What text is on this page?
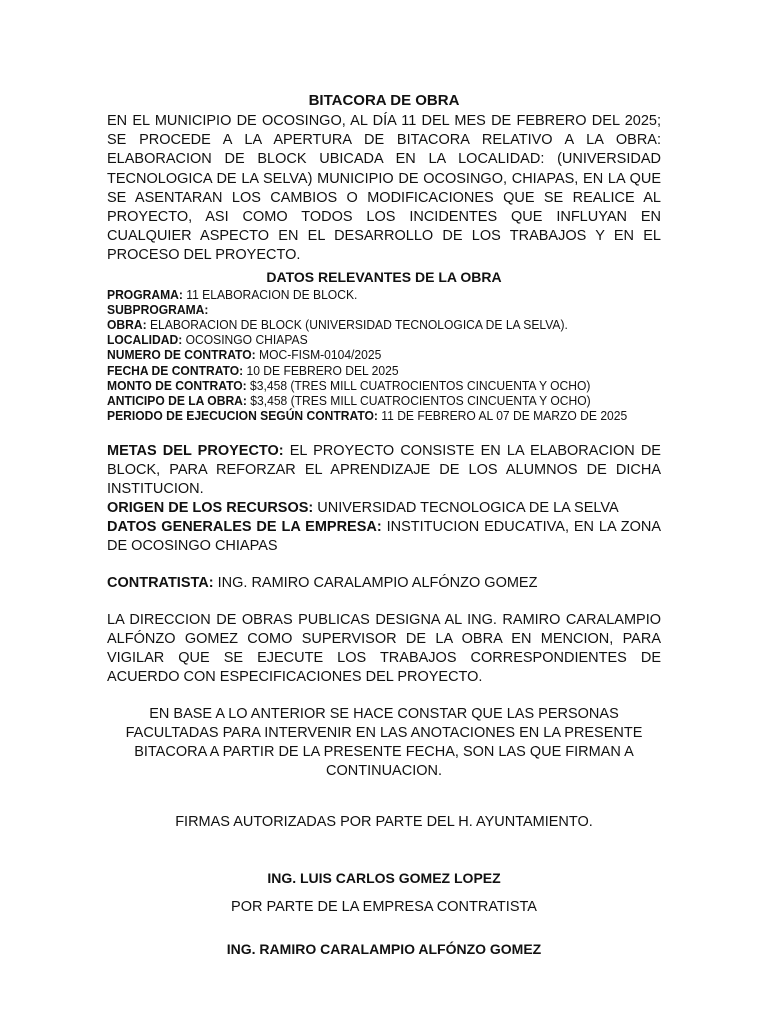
BITACORA DE OBRA

EN EL MUNICIPIO DE OCOSINGO, AL DÍA 11 DEL MES DE FEBRERO DEL 2025; SE PROCEDE A LA APERTURA DE BITACORA RELATIVO A LA OBRA: ELABORACION DE BLOCK UBICADA EN LA LOCALIDAD: (UNIVERSIDAD TECNOLOGICA DE LA SELVA) MUNICIPIO DE OCOSINGO, CHIAPAS, EN LA QUE SE ASENTARAN LOS CAMBIOS O MODIFICACIONES QUE SE REALICE AL PROYECTO, ASI COMO TODOS LOS INCIDENTES QUE INFLUYAN EN CUALQUIER ASPECTO EN EL DESARROLLO DE LOS TRABAJOS Y EN EL PROCESO DEL PROYECTO.

DATOS RELEVANTES DE LA OBRA
PROGRAMA: 11 ELABORACION DE BLOCK.
SUBPROGRAMA:
OBRA: ELABORACION DE BLOCK (UNIVERSIDAD TECNOLOGICA DE LA SELVA).
LOCALIDAD: OCOSINGO CHIAPAS
NUMERO DE CONTRATO: MOC-FISM-0104/2025
FECHA DE CONTRATO: 10 DE FEBRERO DEL 2025
MONTO DE CONTRATO: $3,458 (TRES MILL CUATROCIENTOS CINCUENTA Y OCHO)
ANTICIPO DE LA OBRA: $3,458 (TRES MILL CUATROCIENTOS CINCUENTA Y OCHO)
PERIODO DE EJECUCION SEGÚN CONTRATO: 11 DE FEBRERO AL 07 DE MARZO DE 2025

METAS DEL PROYECTO: EL PROYECTO CONSISTE EN LA ELABORACION DE BLOCK, PARA REFORZAR EL APRENDIZAJE DE LOS ALUMNOS DE DICHA INSTITUCION.

ORIGEN DE LOS RECURSOS: UNIVERSIDAD TECNOLOGICA DE LA SELVA

DATOS GENERALES DE LA EMPRESA: INSTITUCION EDUCATIVA, EN LA ZONA DE OCOSINGO CHIAPAS

CONTRATISTA: ING. RAMIRO CARALAMPIO ALFÓNZO GOMEZ

LA DIRECCION DE OBRAS PUBLICAS DESIGNA AL ING. RAMIRO CARALAMPIO ALFÓNZO GOMEZ COMO SUPERVISOR DE LA OBRA EN MENCION, PARA VIGILAR QUE SE EJECUTE LOS TRABAJOS CORRESPONDIENTES DE ACUERDO CON ESPECIFICACIONES DEL PROYECTO.

EN BASE A LO ANTERIOR SE HACE CONSTAR QUE LAS PERSONAS FACULTADAS PARA INTERVENIR EN LAS ANOTACIONES EN LA PRESENTE BITACORA A PARTIR DE LA PRESENTE FECHA, SON LAS QUE FIRMAN A CONTINUACION.

FIRMAS AUTORIZADAS POR PARTE DEL H. AYUNTAMIENTO.

ING. LUIS CARLOS GOMEZ LOPEZ

POR PARTE DE LA EMPRESA CONTRATISTA

ING. RAMIRO CARALAMPIO ALFÓNZO GOMEZ
